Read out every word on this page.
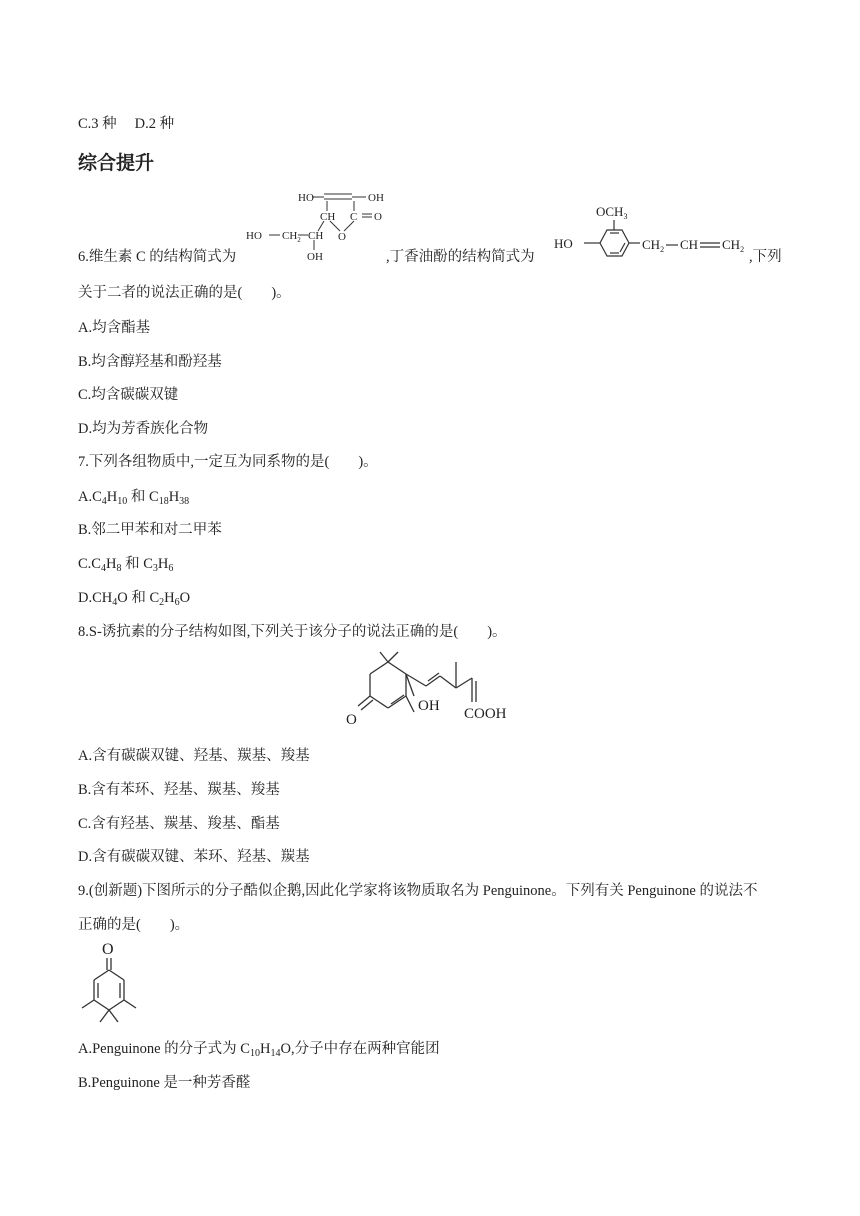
C.3 种 D.2 种
综合提升
HO	OH
CH C O
O
HO $CH_2$ CH
OH
$OCH_3$
HO	$CH_2$ CH $CH_2$
6.维生素 C 的结构简式为	,丁香油酚的结构简式为	,下列
关于二者的说法正确的是(　　)。
A.均含酯基
B.均含醇羟基和酚羟基
C.均含碳碳双键
D.均为芳香族化合物
7.下列各组物质中,一定互为同系物的是(　　)。
$A.C_4H_{10}$ 和 $C_{18}H_{38}$
B.邻二甲苯和对二甲苯
$C.C_4H_8$ 和 $C_3H_6$
$D.CH_4O$ 和 $C_2H_6O$
8.S-诱抗素的分子结构如图,下列关于该分子的说法正确的是(　　)。
O
OH COOH
A.含有碳碳双键、羟基、羰基、羧基
B.含有苯环、羟基、羰基、羧基
C.含有羟基、羰基、羧基、酯基
D.含有碳碳双键、苯环、羟基、羰基
9.(创新题)下图所示的分子酷似企鹅,因此化学家将该物质取名为 Penguinone。下列有关 Penguinone 的说法不
正确的是(　　)。
O
A.Penguinone 的分子式为 $C_{10}H_{14}O$,分子中存在两种官能团
B.Penguinone 是一种芳香醛
